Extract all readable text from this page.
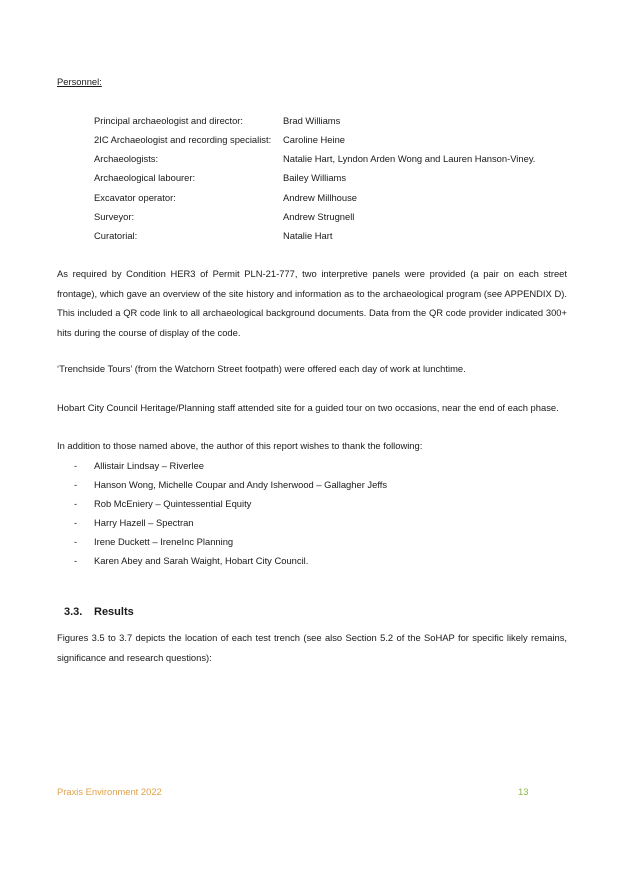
Personnel:
Principal archaeologist and director:	Brad Williams
2IC Archaeologist and recording specialist: Caroline Heine
Archaeologists:	Natalie Hart, Lyndon Arden Wong and Lauren Hanson-Viney.
Archaeological labourer:	Bailey Williams
Excavator operator:	Andrew Millhouse
Surveyor:	Andrew Strugnell
Curatorial:	Natalie Hart
As required by Condition HER3 of Permit PLN-21-777, two interpretive panels were provided (a pair on each street frontage), which gave an overview of the site history and information as to the archaeological program (see APPENDIX D). This included a QR code link to all archaeological background documents. Data from the QR code provider indicated 300+ hits during the course of display of the code.
‘Trenchside Tours’ (from the Watchorn Street footpath) were offered each day of work at lunchtime.
Hobart City Council Heritage/Planning staff attended site for a guided tour on two occasions, near the end of each phase.
In addition to those named above, the author of this report wishes to thank the following:
- Allistair Lindsay – Riverlee
- Hanson Wong, Michelle Coupar and Andy Isherwood – Gallagher Jeffs
- Rob McEniery – Quintessential Equity
- Harry Hazell – Spectran
- Irene Duckett – IreneInc Planning
- Karen Abey and Sarah Waight, Hobart City Council.
3.3. Results
Figures 3.5 to 3.7 depicts the location of each test trench (see also Section 5.2 of the SoHAP for specific likely remains, significance and research questions):
Praxis Environment 2022	13
